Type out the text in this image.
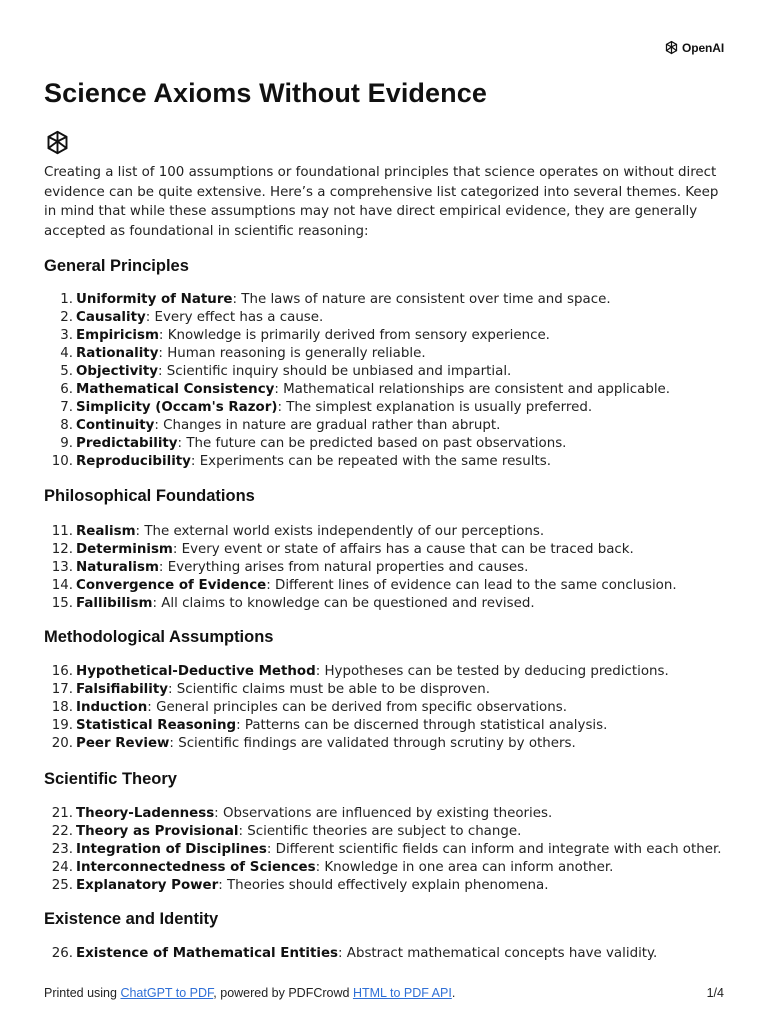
OpenAI
Science Axioms Without Evidence

Creating a list of 100 assumptions or foundational principles that science operates on without direct evidence can be quite extensive. Here’s a comprehensive list categorized into several themes. Keep in mind that while these assumptions may not have direct empirical evidence, they are generally accepted as foundational in scientific reasoning:

General Principles
1. Uniformity of Nature : The laws of nature are consistent over time and space.
2. Causality : Every effect has a cause.
3. Empiricism : Knowledge is primarily derived from sensory experience.
4. Rationality : Human reasoning is generally reliable.
5. Objectivity : Scientific inquiry should be unbiased and impartial.
6. Mathematical Consistency : Mathematical relationships are consistent and applicable.
7. Simplicity (Occam's Razor) : The simplest explanation is usually preferred.
8. Continuity : Changes in nature are gradual rather than abrupt.
9. Predictability : The future can be predicted based on past observations.
10. Reproducibility : Experiments can be repeated with the same results.
Philosophical Foundations
11. Realism : The external world exists independently of our perceptions.
12. Determinism : Every event or state of affairs has a cause that can be traced back.
13. Naturalism : Everything arises from natural properties and causes.
14. Convergence of Evidence : Different lines of evidence can lead to the same conclusion.
15. Fallibilism : All claims to knowledge can be questioned and revised.
Methodological Assumptions
16. Hypothetical-Deductive Method : Hypotheses can be tested by deducing predictions.
17. Falsifiability : Scientific claims must be able to be disproven.
18. Induction : General principles can be derived from specific observations.
19. Statistical Reasoning : Patterns can be discerned through statistical analysis.
20. Peer Review : Scientific findings are validated through scrutiny by others.
Scientific Theory
21. Theory-Ladenness : Observations are influenced by existing theories.
22. Theory as Provisional : Scientific theories are subject to change.
23. Integration of Disciplines : Different scientific fields can inform and integrate with each other.
24. Interconnectedness of Sciences : Knowledge in one area can inform another.
25. Explanatory Power : Theories should effectively explain phenomena.
Existence and Identity
26. Existence of Mathematical Entities : Abstract mathematical concepts have validity.
Printed using ChatGPT to PDF, powered by PDFCrowd HTML to PDF API.	1/4
